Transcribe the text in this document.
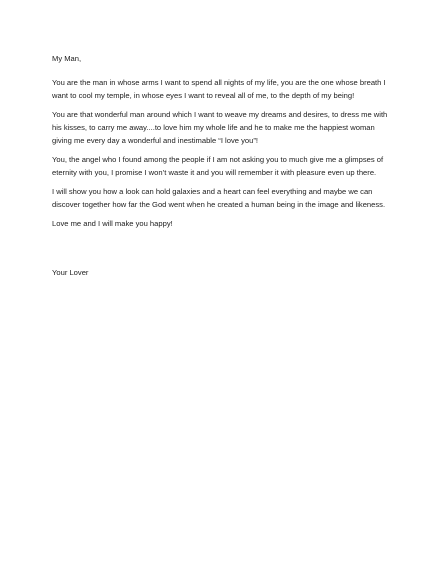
My Man,

You are the man in whose arms I want to spend all nights of my life, you are the one whose breath I want to cool my temple, in whose eyes I want to reveal all of me, to the depth of my being!

You are that wonderful man around which I want to weave my dreams and desires, to dress me with his kisses, to carry me away....to love him my whole life and he to make me the happiest woman giving me every day a wonderful and inestimable “I love you”!

You, the angel who I found among the people if I am not asking you to much give me a glimpses of eternity with you, I promise I won’t waste it and you will remember it with pleasure even up there.

I will show you how a look can hold galaxies and a heart can feel everything and maybe we can discover together how far the God went when he created a human being in the image and likeness.

Love me and I will make you happy!

Your Lover
